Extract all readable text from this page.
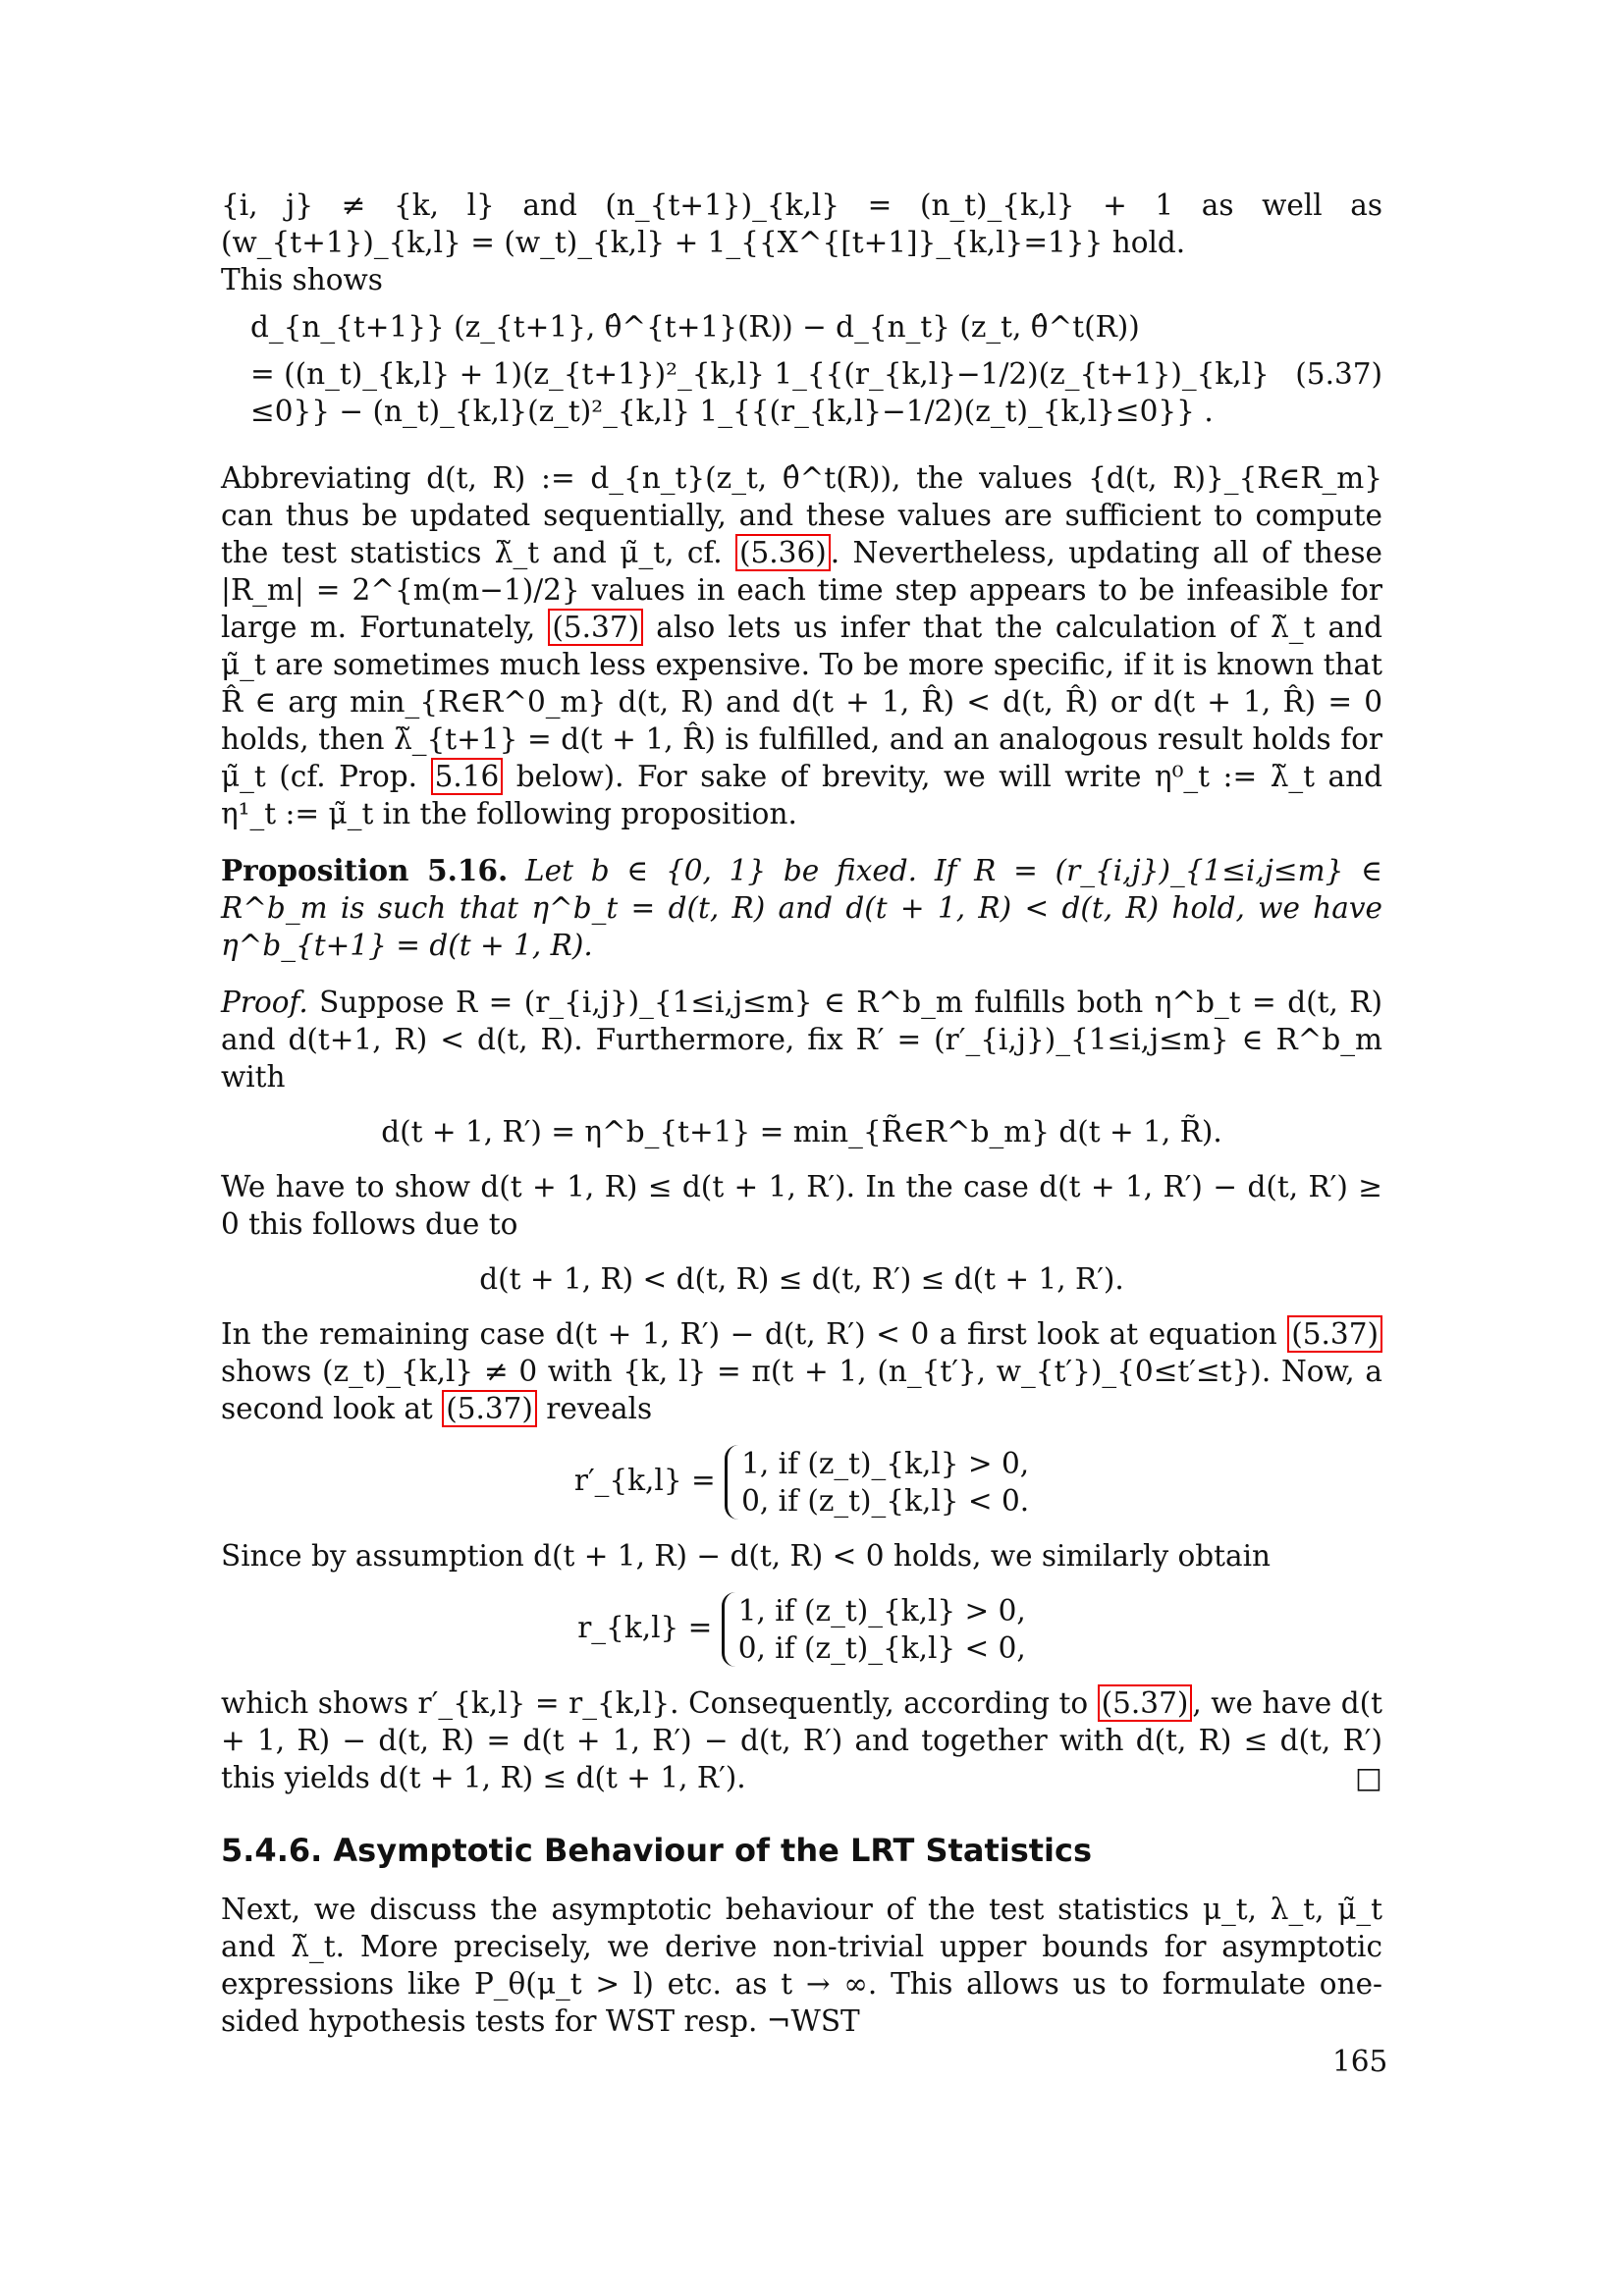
{i, j} ≠ {k, l} and (n_{t+1})_{k,l} = (n_t)_{k,l} + 1 as well as (w_{t+1})_{k,l} = (w_t)_{k,l} + 1_{{X^{[t+1]}_{k,l}=1}} hold.

This shows

d_{n_{t+1}} (z_{t+1}, θ̂^{t+1}(R)) − d_{n_t} (z_t, θ̂^t(R))
(5.37)
= ((n_t)_{k,l} + 1)(z_{t+1})²_{k,l} 1_{{(r_{k,l}−1/2)(z_{t+1})_{k,l}≤0}} − (n_t)_{k,l}(z_t)²_{k,l} 1_{{(r_{k,l}−1/2)(z_t)_{k,l}≤0}} .

Abbreviating d(t, R) := d_{n_t}(z_t, θ̂^t(R)), the values {d(t, R)}_{R∈R_m} can thus be updated sequentially, and these values are sufficient to compute the test statistics λ̃_t and μ̃_t, cf. (5.36) . Nevertheless, updating all of these |R_m| = 2^{m(m−1)/2} values in each time step appears to be infeasible for large m. Fortunately, (5.37) also lets us infer that the calculation of λ̃_t and μ̃_t are sometimes much less expensive. To be more specific, if it is known that R̂ ∈ arg min_{R∈R^0_m} d(t, R) and d(t + 1, R̂) < d(t, R̂) or d(t + 1, R̂) = 0 holds, then λ̃_{t+1} = d(t + 1, R̂) is fulfilled, and an analogous result holds for μ̃_t (cf. Prop. 5.16 below). For sake of brevity, we will write η⁰_t := λ̃_t and η¹_t := μ̃_t in the following proposition.

Proposition 5.16. Let b ∈ {0, 1} be fixed. If R = (r_{i,j})_{1≤i,j≤m} ∈ R^b_m is such that η^b_t = d(t, R) and d(t + 1, R) < d(t, R) hold, we have η^b_{t+1} = d(t + 1, R).

Proof. Suppose R = (r_{i,j})_{1≤i,j≤m} ∈ R^b_m fulfills both η^b_t = d(t, R) and d(t+1, R) < d(t, R). Furthermore, fix R′ = (r′_{i,j})_{1≤i,j≤m} ∈ R^b_m with

d(t + 1, R′) = η^b_{t+1} = min_{R̃∈R^b_m} d(t + 1, R̃).

We have to show d(t + 1, R) ≤ d(t + 1, R′). In the case d(t + 1, R′) − d(t, R′) ≥ 0 this follows due to

d(t + 1, R) < d(t, R) ≤ d(t, R′) ≤ d(t + 1, R′).

In the remaining case d(t + 1, R′) − d(t, R′) < 0 a first look at equation (5.37) shows (z_t)_{k,l} ≠ 0 with {k, l} = π(t + 1, (n_{t′}, w_{t′})_{0≤t′≤t}). Now, a second look at (5.37) reveals

r′_{k,l} = 1, if (z_t)_{k,l} > 0,
0, if (z_t)_{k,l} < 0.

Since by assumption d(t + 1, R) − d(t, R) < 0 holds, we similarly obtain

r_{k,l} = 1, if (z_t)_{k,l} > 0,
0, if (z_t)_{k,l} < 0,

which shows r′_{k,l} = r_{k,l}. Consequently, according to (5.37) , we have d(t + 1, R) − d(t, R) = d(t + 1, R′) − d(t, R′) and together with d(t, R) ≤ d(t, R′) this yields d(t + 1, R) ≤ d(t + 1, R′).	□

5.4.6. Asymptotic Behaviour of the LRT Statistics

Next, we discuss the asymptotic behaviour of the test statistics μ_t, λ_t, μ̃_t and λ̃_t. More precisely, we derive non-trivial upper bounds for asymptotic expressions like P_θ(μ_t > l) etc. as t → ∞. This allows us to formulate one-sided hypothesis tests for WST resp. ¬WST

165
